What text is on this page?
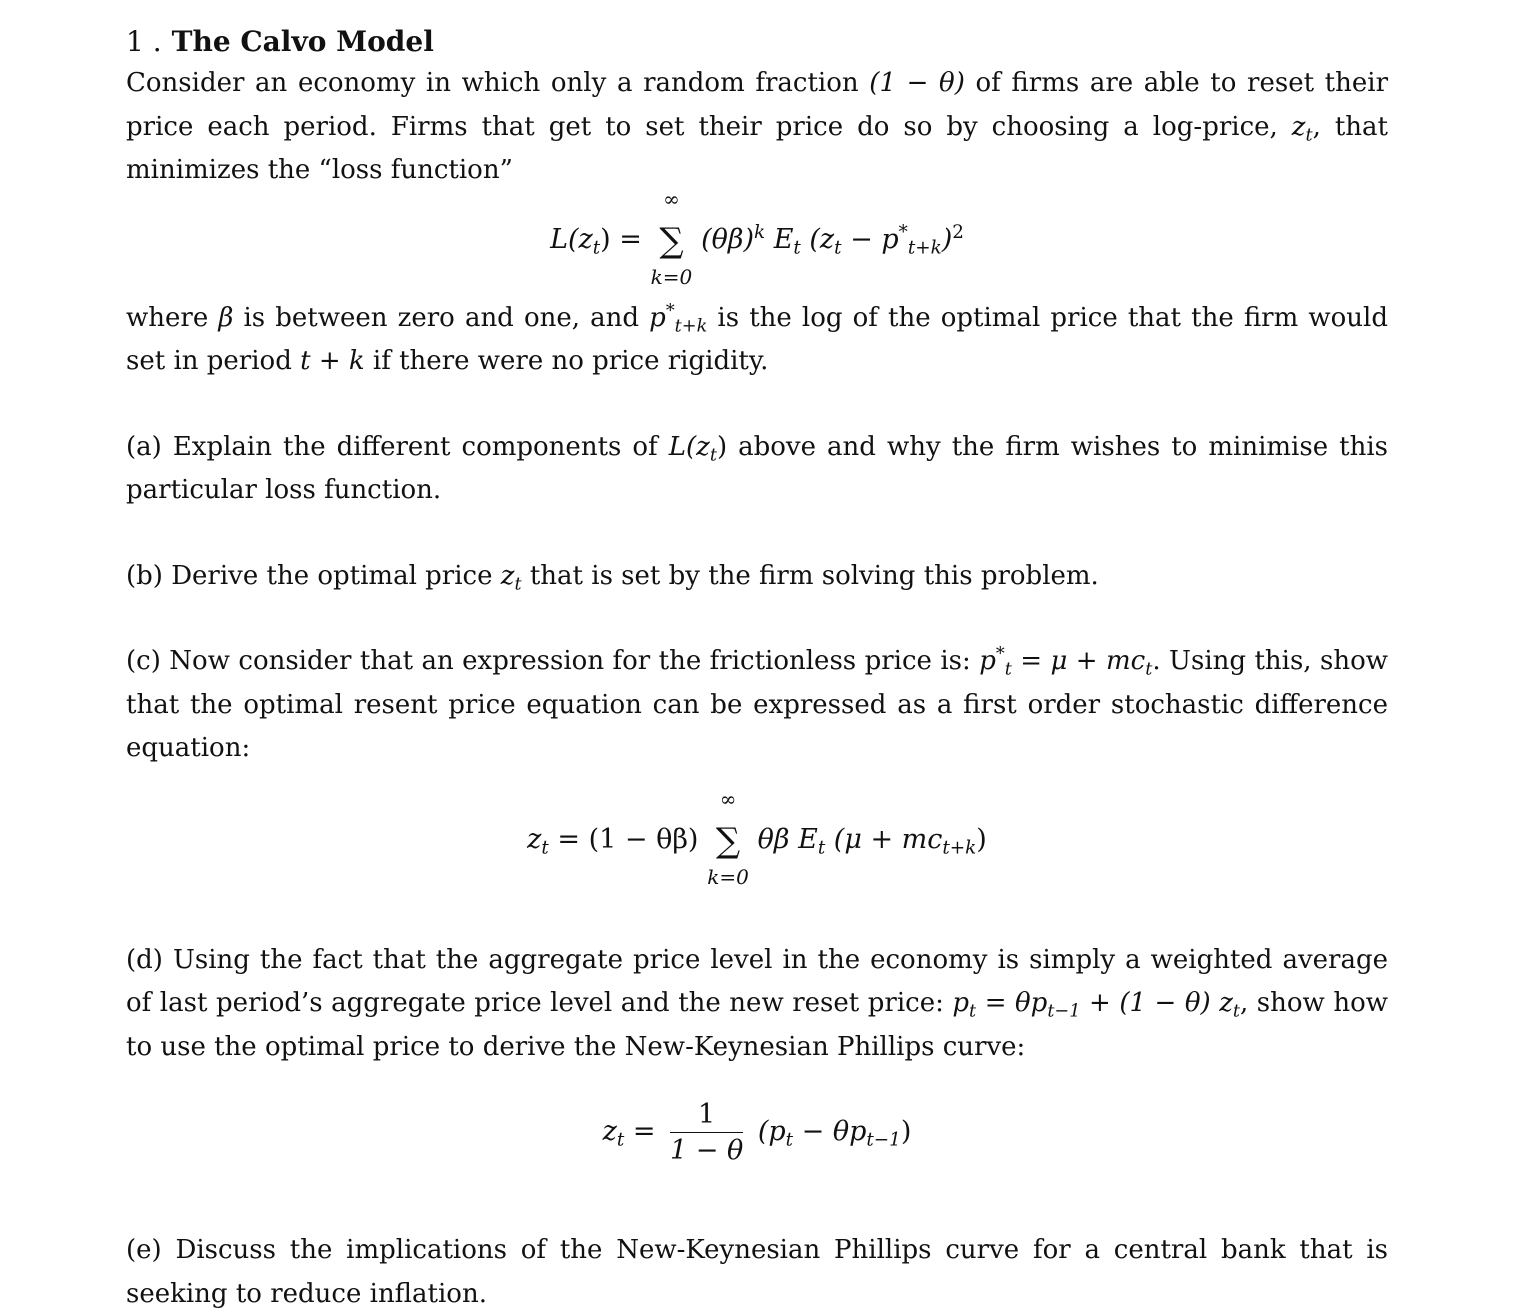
1 . The Calvo Model

Consider an economy in which only a random fraction (1 − θ) of firms are able to reset their price each period. Firms that get to set their price do so by choosing a log-price, $z_t$, that minimizes the “loss function”

$L(z_t)$ = ∑
∞
k=0
$(\theta\beta)^k$ $E_t$ $(z_t - p^*_{t+k})^2$

where β is between zero and one, and $p^*_{t+k}$ is the log of the optimal price that the firm would set in period t + k if there were no price rigidity.

(a) Explain the different components of $L(z_t)$ above and why the firm wishes to minimise this particular loss function.

(b) Derive the optimal price $z_t$ that is set by the firm solving this problem.

(c) Now consider that an expression for the frictionless price is: $p^*_t = \mu + mc_t$. Using this, show that the optimal resent price equation can be expressed as a first order stochastic difference equation:

$z_t = (1 - \theta\beta)$ ∑
∞
k=0
θβ $E_t$ $(\mu + mc_{t+k})$

(d) Using the fact that the aggregate price level in the economy is simply a weighted average of last period’s aggregate price level and the new reset price: $p_t = \theta p_{t-1} + (1 - \theta)$ $z_t$, show how to use the optimal price to derive the New-Keynesian Phillips curve:

$z_t = \frac{1}{1 - \theta} (p_t - \theta p_{t-1})$

(e) Discuss the implications of the New-Keynesian Phillips curve for a central bank that is seeking to reduce inflation.
